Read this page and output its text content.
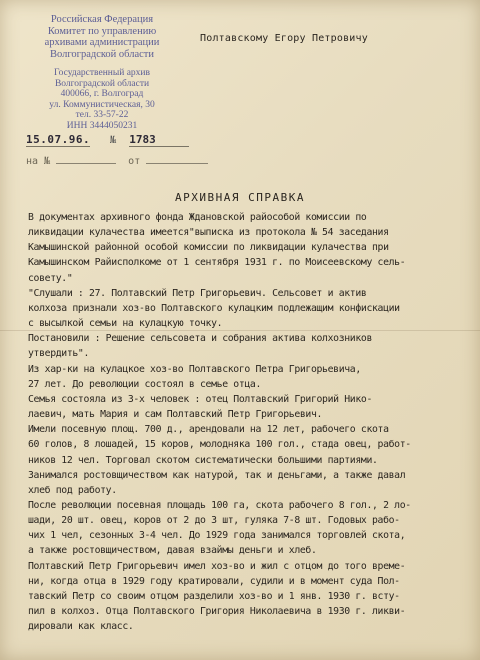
Российская Федерация
Комитет по управлению
архивами администрации
Волгоградской области
Государственный архив
Волгоградской области
400066, г. Волгоград
ул. Коммунистическая, 30
тел. 33-57-22
ИНН 3444050231
Полтавскому Егору Петровичу
15.07.96. № 1783
на №	от
АРХИВНАЯ СПРАВКА
В документах архивного фонда Ждановской райособой комиссии по
ликвидации кулачества имеется"выписка из протокола № 54 заседания
Камышинской районной особой комиссии по ликвидации кулачества при
Камышинском Райисполкоме от 1 сентября 1931 г. по Моисеевскому сель-
совету."
"Слушали : 27. Полтавский Петр Григорьевич. Сельсовет и актив
колхоза признали хоз-во Полтавского кулацким подлежащим конфискации
с высылкой семьи на кулацкую точку.
Постановили : Решение сельсовета и собрания актива колхозников
утвердить".
Из хар-ки на кулацкое хоз-во Полтавского Петра Григорьевича,
27 лет. До революции состоял в семье отца.
Семья состояла из 3-х человек : отец Полтавский Григорий Нико-
лаевич, мать Мария и сам Полтавский Петр Григорьевич.
Имели посевную площ. 700 д., арендовали на 12 лет, рабочего скота
60 голов, 8 лошадей, 15 коров, молодняка 100 гол., стада овец, работ-
ников 12 чел. Торговал скотом систематически большими партиями.
Занимался ростовщичеством как натурой, так и деньгами, а также давал
хлеб под работу.
После революции посевная площадь 100 га, скота рабочего 8 гол., 2 ло-
шади, 20 шт. овец, коров от 2 до 3 шт, гуляка 7-8 шт. Годовых рабо-
чих 1 чел, сезонных 3-4 чел. До 1929 года занимался торговлей скота,
а также ростовщичеством, давая взаймы деньги и хлеб.
Полтавский Петр Григорьевич имел хоз-во и жил с отцом до того време-
ни, когда отца в 1929 году кратировали, судили и в момент суда Пол-
тавский Петр со своим отцом разделили хоз-во и 1 янв. 1930 г. всту-
пил в колхоз. Отца Полтавского Григория Николаевича в 1930 г. ликви-
дировали как класс.
